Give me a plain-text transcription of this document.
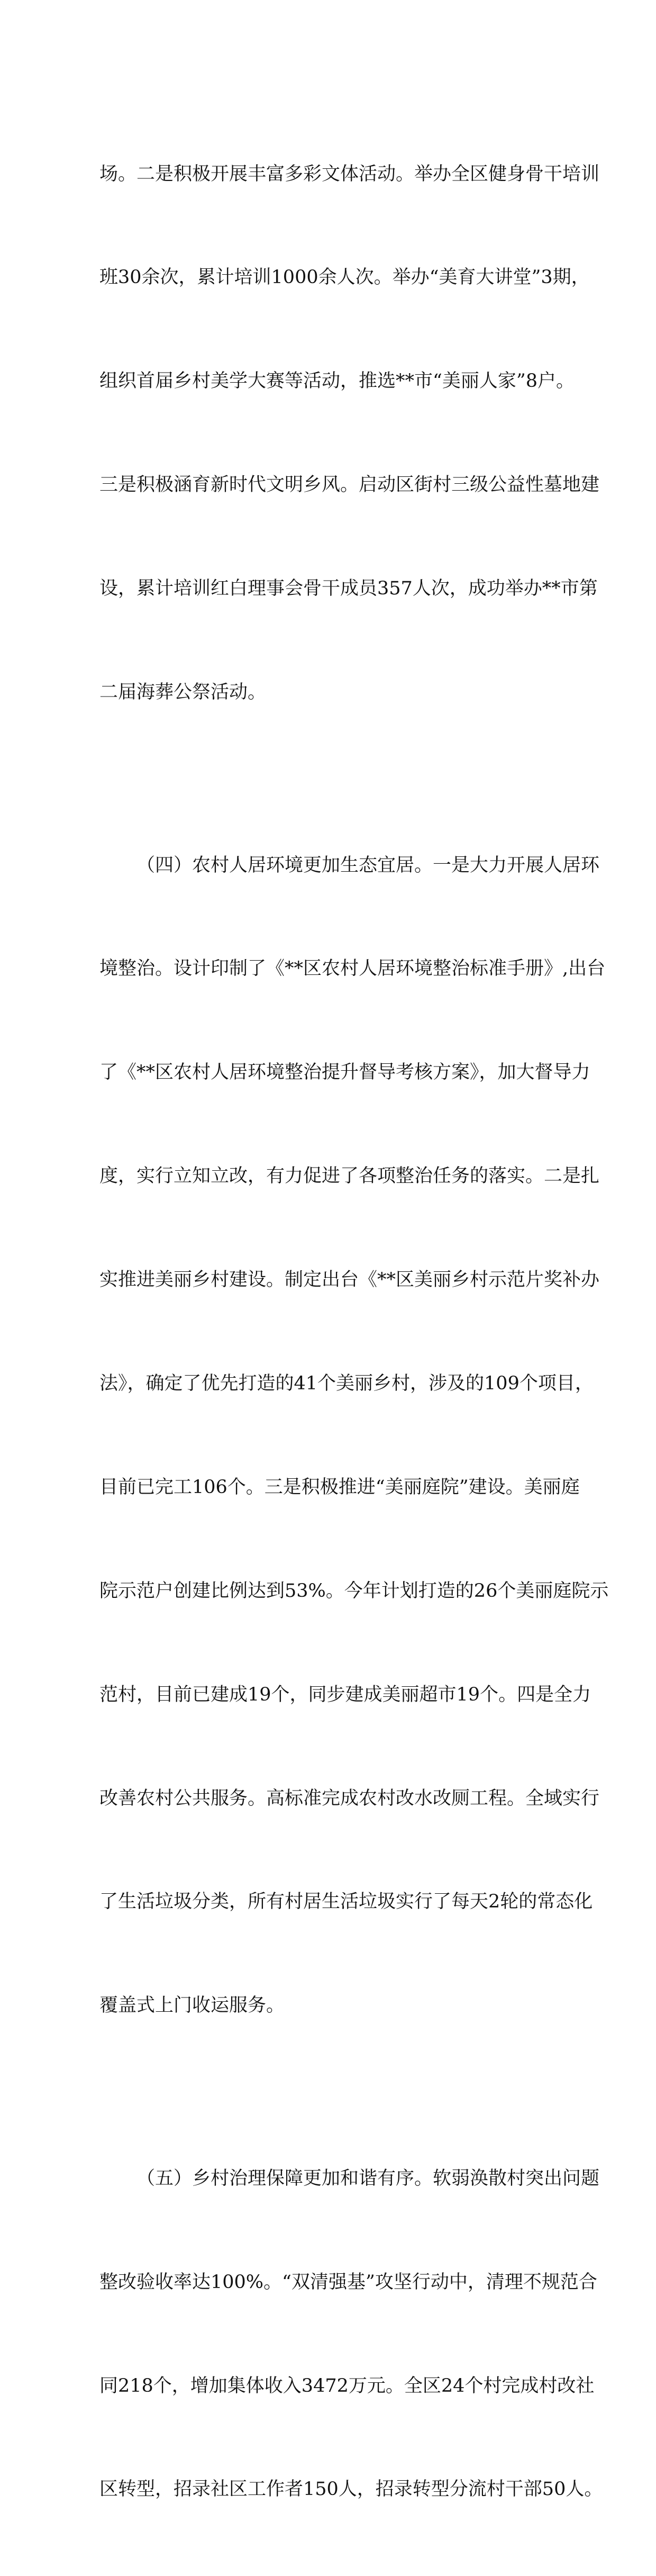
场。二是积极开展丰富多彩文体活动。举办全区健身骨干培训

班30余次，累计培训1000余人次。举办“美育大讲堂”3期，

组织首届乡村美学大赛等活动，推选**市“美丽人家”8户。

三是积极涵育新时代文明乡风。启动区街村三级公益性墓地建

设，累计培训红白理事会骨干成员357人次，成功举办**市第

二届海葬公祭活动。

（四）农村人居环境更加生态宜居。一是大力开展人居环

境整治。设计印制了《**区农村人居环境整治标准手册》,出台

了《**区农村人居环境整治提升督导考核方案》，加大督导力

度，实行立知立改，有力促进了各项整治任务的落实。二是扎

实推进美丽乡村建设。制定出台《**区美丽乡村示范片奖补办

法》，确定了优先打造的41个美丽乡村，涉及的109个项目，

目前已完工106个。三是积极推进“美丽庭院”建设。美丽庭

院示范户创建比例达到53%。今年计划打造的26个美丽庭院示

范村，目前已建成19个，同步建成美丽超市19个。四是全力

改善农村公共服务。高标准完成农村改水改厕工程。全域实行

了生活垃圾分类，所有村居生活垃圾实行了每天2轮的常态化

覆盖式上门收运服务。

（五）乡村治理保障更加和谐有序。软弱涣散村突出问题

整改验收率达100%。“双清强基”攻坚行动中，清理不规范合

同218个，增加集体收入3472万元。全区24个村完成村改社

区转型，招录社区工作者150人，招录转型分流村干部50人。
